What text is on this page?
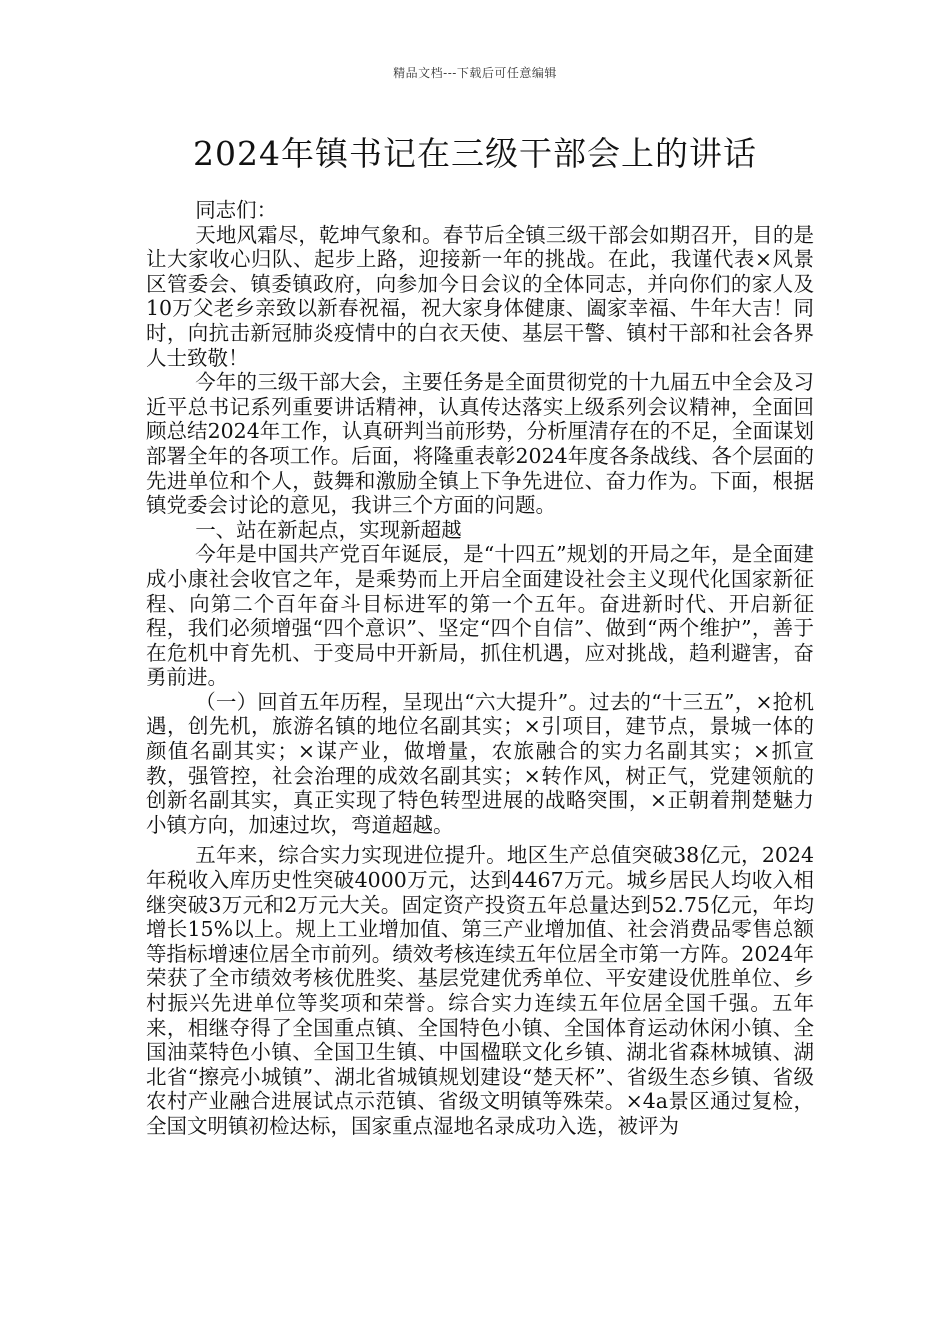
精品文档---下载后可任意编辑
2024年镇书记在三级干部会上的讲话

同志们：

天地风霜尽，乾坤气象和。春节后全镇三级干部会如期召开，目的是让大家收心归队、起步上路，迎接新一年的挑战。在此，我谨代表×风景区管委会、镇委镇政府，向参加今日会议的全体同志，并向你们的家人及10万父老乡亲致以新春祝福，祝大家身体健康、阖家幸福、牛年大吉！同时，向抗击新冠肺炎疫情中的白衣天使、基层干警、镇村干部和社会各界人士致敬！

今年的三级干部大会，主要任务是全面贯彻党的十九届五中全会及习近平总书记系列重要讲话精神，认真传达落实上级系列会议精神，全面回顾总结2024年工作，认真研判当前形势，分析厘清存在的不足，全面谋划部署全年的各项工作。后面，将隆重表彰2024年度各条战线、各个层面的先进单位和个人，鼓舞和激励全镇上下争先进位、奋力作为。下面，根据镇党委会讨论的意见，我讲三个方面的问题。

一、站在新起点，实现新超越

今年是中国共产党百年诞辰，是“十四五”规划的开局之年，是全面建成小康社会收官之年，是乘势而上开启全面建设社会主义现代化国家新征程、向第二个百年奋斗目标进军的第一个五年。奋进新时代、开启新征程，我们必须增强“四个意识”、坚定“四个自信”、做到“两个维护”，善于在危机中育先机、于变局中开新局，抓住机遇，应对挑战，趋利避害，奋勇前进。

（一）回首五年历程，呈现出“六大提升”。过去的“十三五”，×抢机遇，创先机，旅游名镇的地位名副其实；×引项目，建节点，景城一体的颜值名副其实；×谋产业，做增量，农旅融合的实力名副其实；×抓宣教，强管控，社会治理的成效名副其实；×转作风，树正气，党建领航的创新名副其实，真正实现了特色转型进展的战略突围，×正朝着荆楚魅力小镇方向，加速过坎，弯道超越。

五年来，综合实力实现进位提升。地区生产总值突破38亿元，2024年税收入库历史性突破4000万元，达到4467万元。城乡居民人均收入相继突破3万元和2万元大关。固定资产投资五年总量达到52.75亿元，年均增长15%以上。规上工业增加值、第三产业增加值、社会消费品零售总额等指标增速位居全市前列。绩效考核连续五年位居全市第一方阵。2024年荣获了全市绩效考核优胜奖、基层党建优秀单位、平安建设优胜单位、乡村振兴先进单位等奖项和荣誉。综合实力连续五年位居全国千强。五年来，相继夺得了全国重点镇、全国特色小镇、全国体育运动休闲小镇、全国油菜特色小镇、全国卫生镇、中国楹联文化乡镇、湖北省森林城镇、湖北省“擦亮小城镇”、湖北省城镇规划建设“楚天杯”、省级生态乡镇、省级农村产业融合进展试点示范镇、省级文明镇等殊荣。×4a景区通过复检，全国文明镇初检达标，国家重点湿地名录成功入选，被评为
